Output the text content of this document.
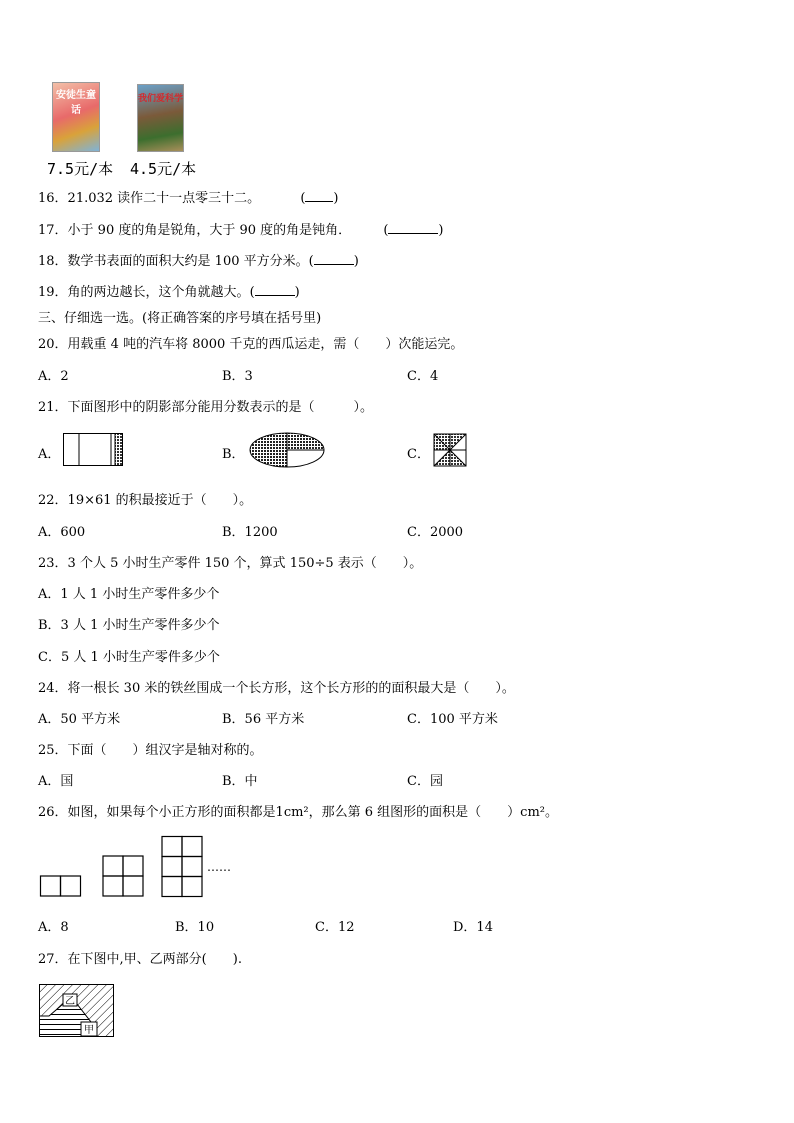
安徒生童话
我们爱科学
7.5元/本 4.5元/本
16．21.032 读作二十一点零三十二。	( )
17．小于 90 度的角是锐角，大于 90 度的角是钝角． (	)
18．数学书表面的面积大约是 100 平方分米。(	)
19．角的两边越长，这个角就越大。(	)
三、仔细选一选。(将正确答案的序号填在括号里)
20．用载重 4 吨的汽车将 8000 千克的西瓜运走，需（　　）次能运完。
A．2	B．3	C．4
21．下面图形中的阴影部分能用分数表示的是（　　　）。
A．	B．	C．
22．19×61 的积最接近于（　　）。
A．600	B．1200	C．2000
23．3 个人 5 小时生产零件 150 个，算式 150÷5 表示（　　）。
A．1 人 1 小时生产零件多少个
B．3 人 1 小时生产零件多少个
C．5 人 1 小时生产零件多少个
24．将一根长 30 米的铁丝围成一个长方形，这个长方形的的面积最大是（　　）。
A．50 平方米	B．56 平方米	C．100 平方米
25．下面（　　）组汉字是轴对称的。
A．国	B．中	C．园
26．如图，如果每个小正方形的面积都是1cm²，那么第 6 组图形的面积是（　　）cm²。
……
A．8	B．10	C．12	D．14
27．在下图中,甲、乙两部分(　　).
乙
甲
